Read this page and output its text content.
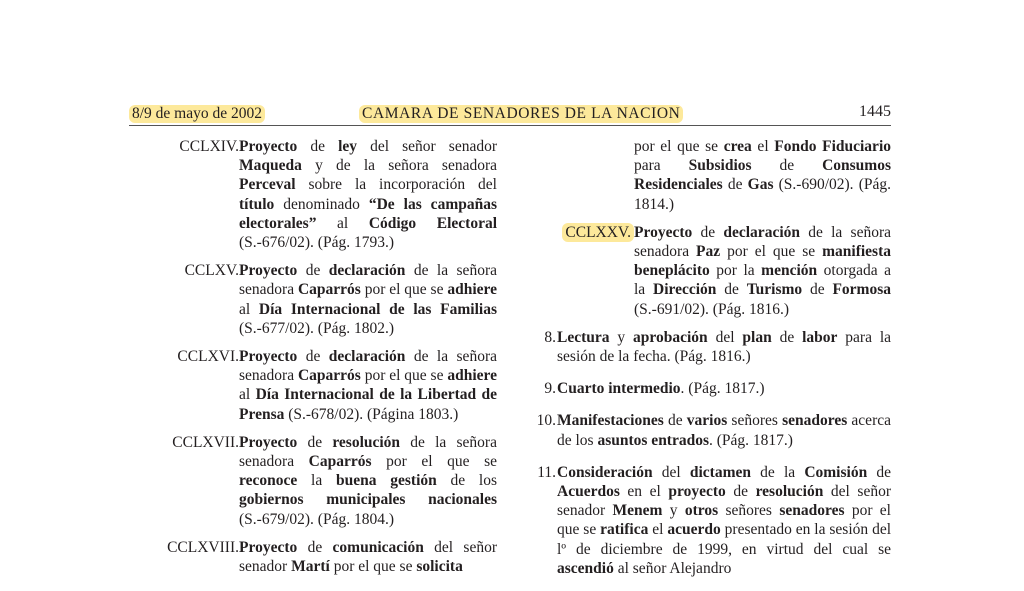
8/9 de mayo de 2002	CAMARA DE SENADORES DE LA NACION	1445
CCLXIV. Proyecto de ley del señor senador Maqueda y de la señora senadora Perceval sobre la incorporación del título denominado “De las campañas electorales” al Código Electoral (S.-676/02). (Pág. 1793.)
CCLXV. Proyecto de declaración de la señora senadora Caparrós por el que se adhiere al Día Internacional de las Familias (S.-677/02). (Pág. 1802.)
CCLXVI. Proyecto de declaración de la señora senadora Caparrós por el que se adhiere al Día Internacional de la Libertad de Prensa (S.-678/02). (Página 1803.)
CCLXVII. Proyecto de resolución de la señora senadora Caparrós por el que se reconoce la buena gestión de los gobiernos municipales nacionales (S.-679/02). (Pág. 1804.)
CCLXVIII. Proyecto de comunicación del señor senador Martí por el que se solicita
por el que se crea el Fondo Fiduciario para Subsidios de Consumos Residenciales de Gas (S.-690/02). (Pág. 1814.)
CCLXXV. Proyecto de declaración de la señora senadora Paz por el que se manifiesta beneplácito por la mención otorgada a la Dirección de Turismo de Formosa (S.-691/02). (Pág. 1816.)
8. Lectura y aprobación del plan de labor para la sesión de la fecha. (Pág. 1816.)
9. Cuarto intermedio. (Pág. 1817.)
10. Manifestaciones de varios señores senadores acerca de los asuntos entrados. (Pág. 1817.)
11. Consideración del dictamen de la Comisión de Acuerdos en el proyecto de resolución del señor senador Menem y otros señores senadores por el que se ratifica el acuerdo presentado en la sesión del lº de diciembre de 1999, en virtud del cual se ascendió al señor Alejandro
